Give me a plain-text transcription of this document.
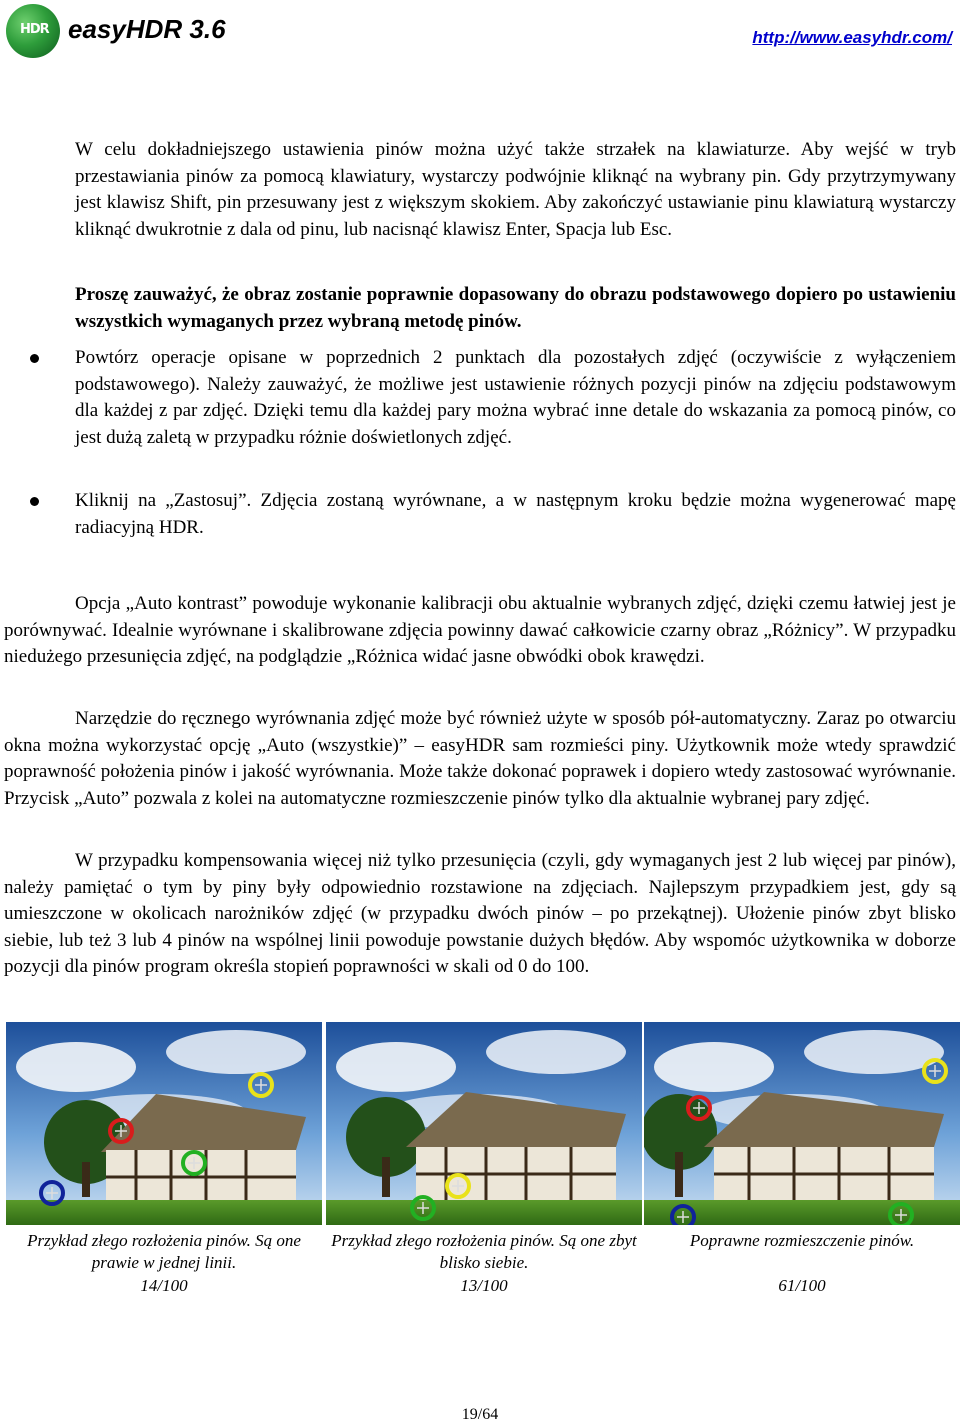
HDR easyHDR 3.6	http://www.easyhdr.com/

W celu dokładniejszego ustawienia pinów można użyć także strzałek na klawiaturze. Aby wejść w tryb przestawiania pinów za pomocą klawiatury, wystarczy podwójnie kliknąć na wybrany pin. Gdy przytrzymywany jest klawisz Shift, pin przesuwany jest z większym skokiem. Aby zakończyć ustawianie pinu klawiaturą wystarczy kliknąć dwukrotnie z dala od pinu, lub nacisnąć klawisz Enter, Spacja lub Esc.

Proszę zauważyć, że obraz zostanie poprawnie dopasowany do obrazu podstawowego dopiero po ustawieniu wszystkich wymaganych przez wybraną metodę pinów.

Powtórz operacje opisane w poprzednich 2 punktach dla pozostałych zdjęć (oczywiście z wyłączeniem podstawowego). Należy zauważyć, że możliwe jest ustawienie różnych pozycji pinów na zdjęciu podstawowym dla każdej z par zdjęć. Dzięki temu dla każdej pary można wybrać inne detale do wskazania za pomocą pinów, co jest dużą zaletą w przypadku różnie doświetlonych zdjęć.

Kliknij na „Zastosuj”. Zdjęcia zostaną wyrównane, a w następnym kroku będzie można wygenerować mapę radiacyjną HDR.

Opcja „Auto kontrast” powoduje wykonanie kalibracji obu aktualnie wybranych zdjęć, dzięki czemu łatwiej jest je porównywać. Idealnie wyrównane i skalibrowane zdjęcia powinny dawać całkowicie czarny obraz „Różnicy”. W przypadku niedużego przesunięcia zdjęć, na podglądzie „Różnica widać jasne obwódki obok krawędzi.

Narzędzie do ręcznego wyrównania zdjęć może być również użyte w sposób pół-automatyczny. Zaraz po otwarciu okna można wykorzystać opcję „Auto (wszystkie)” – easyHDR sam rozmieści piny. Użytkownik może wtedy sprawdzić poprawność położenia pinów i jakość wyrównania. Może także dokonać poprawek i dopiero wtedy zastosować wyrównanie. Przycisk „Auto” pozwala z kolei na automatyczne rozmieszczenie pinów tylko dla aktualnie wybranej pary zdjęć.

W przypadku kompensowania więcej niż tylko przesunięcia (czyli, gdy wymaganych jest 2 lub więcej par pinów), należy pamiętać o tym by piny były odpowiednio rozstawione na zdjęciach. Najlepszym przypadkiem jest, gdy są umieszczone w okolicach narożników zdjęć (w przypadku dwóch pinów – po przekątnej). Ułożenie pinów zbyt blisko siebie, lub też 3 lub 4 pinów na wspólnej linii powoduje powstanie dużych błędów. Aby wspomóc użytkownika w doborze pozycji dla pinów program określa stopień poprawności w skali od 0 do 100.

Przykład złego rozłożenia pinów. Są one prawie w jednej linii.
Przykład złego rozłożenia pinów. Są one zbyt blisko siebie.
Poprawne rozmieszczenie pinów.
14/100	13/100	61/100
19/64
